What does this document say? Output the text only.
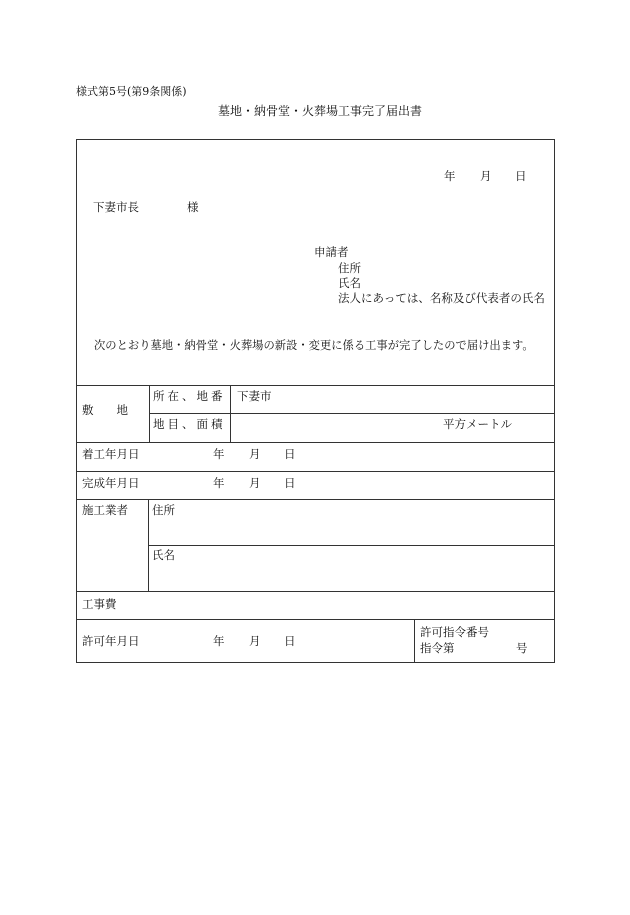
様式第5号(第9条関係)
墓地・納骨堂・火葬場工事完了届出書
年 月 日
下妻市長	様
申請者
住所
氏名
法人にあっては、名称及び代表者の氏名
次のとおり墓地・納骨堂・火葬場の新設・変更に係る工事が完了したので届け出ます。
敷　　地
所在、地番 下妻市
地目、面積	平方メートル
着工年月日	年 月 日
完成年月日	年 月 日
施工業者 住所
氏名
工事費
許可年月日	年 月 日
許可指令番号
指令第	号
